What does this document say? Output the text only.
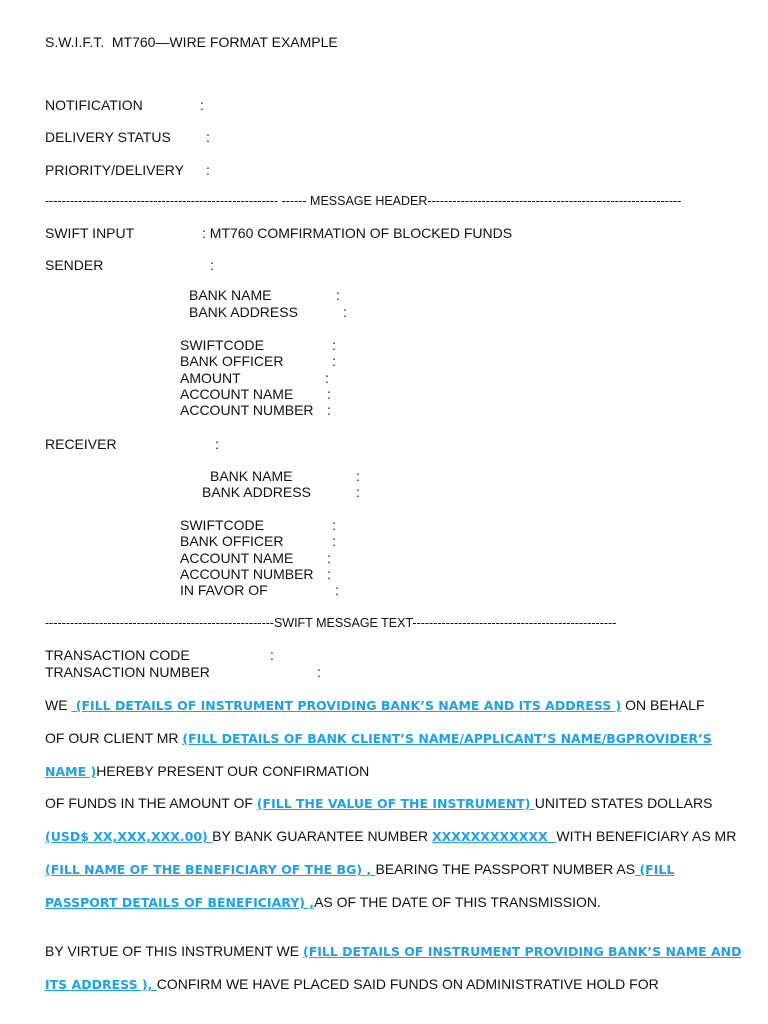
S.W.I.F.T.  MT760—WIRE FORMAT EXAMPLE
NOTIFICATION	:
DELIVERY STATUS	:
PRIORITY/DELIVERY :
-------------------------------------------------------- ------ MESSAGE HEADER-------------------------------------------------------------
SWIFT INPUT	: MT760 COMFIRMATION OF BLOCKED FUNDS
SENDER	:
BANK NAME	:
BANK ADDRESS	:
SWIFTCODE	:
BANK OFFICER	:
AMOUNT	:
ACCOUNT NAME :
ACCOUNT NUMBER :
RECEIVER	:
BANK NAME	:
BANK ADDRESS	:
SWIFTCODE	:
BANK OFFICER	:
ACCOUNT NAME :
ACCOUNT NUMBER :
IN FAVOR OF	:
-------------------------------------------------------SWIFT MESSAGE TEXT-------------------------------------------------
TRANSACTION CODE	:
TRANSACTION NUMBER	:
WE  (FILL DETAILS OF INSTRUMENT PROVIDING BANK’S NAME AND ITS ADDRESS ) ON BEHALF
OF OUR CLIENT MR (FILL DETAILS OF BANK CLIENT’S NAME/APPLICANT’S NAME/BGPROVIDER’S
NAME )HEREBY PRESENT OUR CONFIRMATION
OF FUNDS IN THE AMOUNT OF (FILL THE VALUE OF THE INSTRUMENT) UNITED STATES DOLLARS
(USD$ XX,XXX,XXX.00) BY BANK GUARANTEE NUMBER XXXXXXXXXXXX  WITH BENEFICIARY AS MR
(FILL NAME OF THE BENEFICIARY OF THE BG) , BEARING THE PASSPORT NUMBER AS (FILL
PASSPORT DETAILS OF BENEFICIARY) ,AS OF THE DATE OF THIS TRANSMISSION.
BY VIRTUE OF THIS INSTRUMENT WE (FILL DETAILS OF INSTRUMENT PROVIDING BANK’S NAME AND
ITS ADDRESS ), CONFIRM WE HAVE PLACED SAID FUNDS ON ADMINISTRATIVE HOLD FOR
